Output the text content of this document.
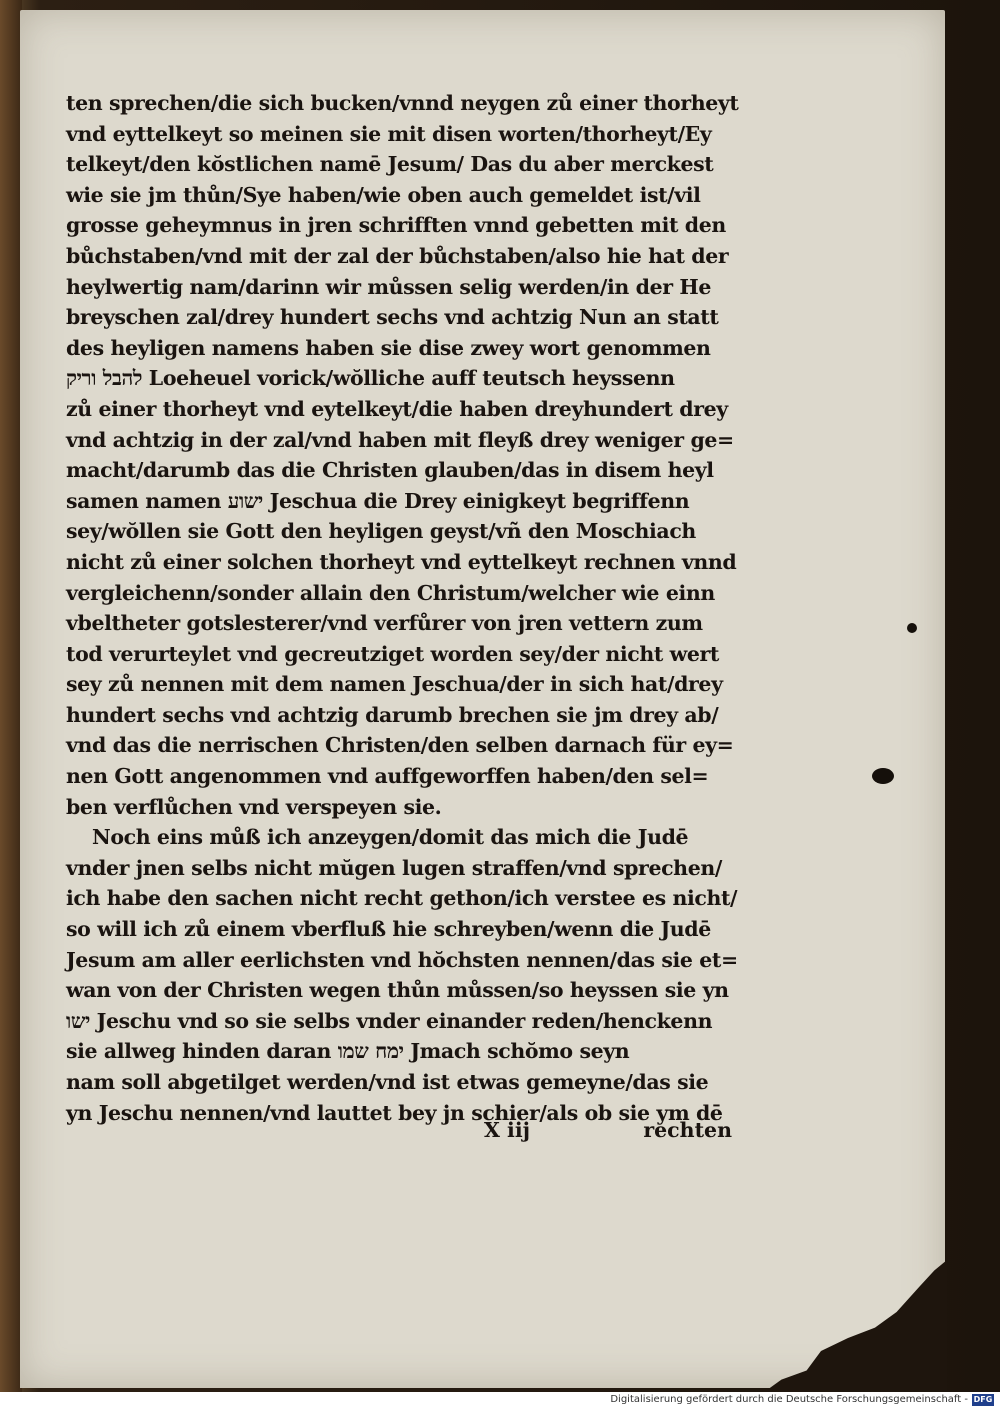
ten sprechen/die sich bucken/vnnd neygen zů einer thorheyt
vnd eyttelkeyt so meinen sie mit disen worten/thorheyt/Ey
telkeyt/den kŏstlichen namē Jesum/ Das du aber merckest
wie sie jm thůn/Sye haben/wie oben auch gemeldet ist/vil
grosse geheymnus in jren schrifften vnnd gebetten mit den
bůchstaben/vnd mit der zal der bůchstaben/also hie hat der
heylwertig nam/darinn wir můssen selig werden/in der He
breyschen zal/drey hundert sechs vnd achtzig Nun an statt
des heyligen namens haben sie dise zwey wort genommen
להבל וריק Loeheuel vorick/wŏlliche auff teutsch heyssenn
zů einer thorheyt vnd eytelkeyt/die haben dreyhundert drey
vnd achtzig in der zal/vnd haben mit fleyß drey weniger ge=
macht/darumb das die Christen glauben/das in disem heyl
samen namen ישוע Jeschua die Drey einigkeyt begriffenn
sey/wŏllen sie Gott den heyligen geyst/vñ den Moschiach
nicht zů einer solchen thorheyt vnd eyttelkeyt rechnen vnnd
vergleichenn/sonder allain den Christum/welcher wie einn
vbeltheter gotslesterer/vnd verfůrer von jren vettern zum
tod verurteylet vnd gecreutziget worden sey/der nicht wert
sey zů nennen mit dem namen Jeschua/der in sich hat/drey
hundert sechs vnd achtzig darumb brechen sie jm drey ab/
vnd das die nerrischen Christen/den selben darnach für ey=
nen Gott angenommen vnd auffgeworffen haben/den sel=
ben verflůchen vnd verspeyen sie.
Noch eins můß ich anzeygen/domit das mich die Judē
vnder jnen selbs nicht mŭgen lugen straffen/vnd sprechen/
ich habe den sachen nicht recht gethon/ich verstee es nicht/
so will ich zů einem vberfluß hie schreyben/wenn die Judē
Jesum am aller eerlichsten vnd hŏchsten nennen/das sie et=
wan von der Christen wegen thůn můssen/so heyssen sie yn
ישו Jeschu vnd so sie selbs vnder einander reden/henckenn
sie allweg hinden daran ימח שמו Jmach schŏmo seyn
nam soll abgetilget werden/vnd ist etwas gemeyne/das sie
yn Jeschu nennen/vnd lauttet bey jn schier/als ob sie ym dē
X iij	rechten
Digitalisierung gefördert durch die Deutsche Forschungsgemeinschaft - DFG
